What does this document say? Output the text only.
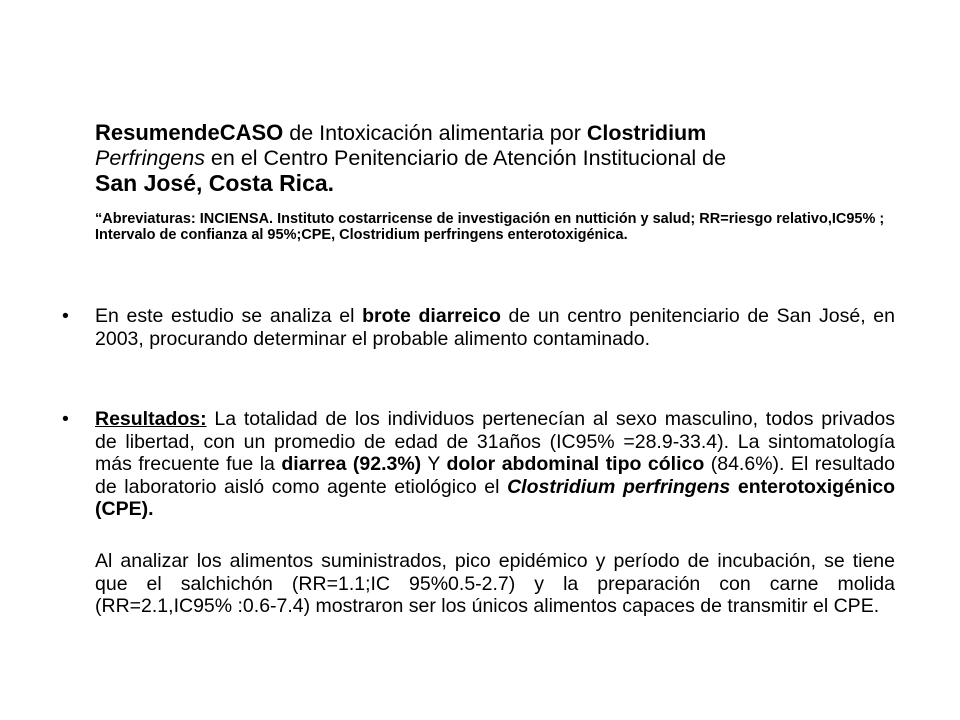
ResumendeCASO de Intoxicación alimentaria por Clostridium
Perfringens en el Centro Penitenciario de Atención Institucional de
San José, Costa Rica.
“Abreviaturas: INCIENSA. Instituto costarricense de investigación en nuttición y salud; RR=riesgo relativo,IC95% ; Intervalo de confianza al 95%;CPE, Clostridium perfringens enterotoxigénica.
• En este estudio se analiza el brote diarreico de un centro penitenciario de San José, en 2003, procurando determinar el probable alimento contaminado.
• Resultados: La totalidad de los individuos pertenecían al sexo masculino, todos privados de libertad, con un promedio de edad de 31años (IC95% =28.9-33.4). La sintomatología más frecuente fue la diarrea (92.3%) Y dolor abdominal tipo cólico (84.6%). El resultado de laboratorio aisló como agente etiológico el Clostridium perfringens enterotoxigénico (CPE).
Al analizar los alimentos suministrados, pico epidémico y período de incubación, se tiene que el salchichón (RR=1.1;IC 95%0.5-2.7) y la preparación con carne molida (RR=2.1,IC95% :0.6-7.4) mostraron ser los únicos alimentos capaces de transmitir el CPE.
